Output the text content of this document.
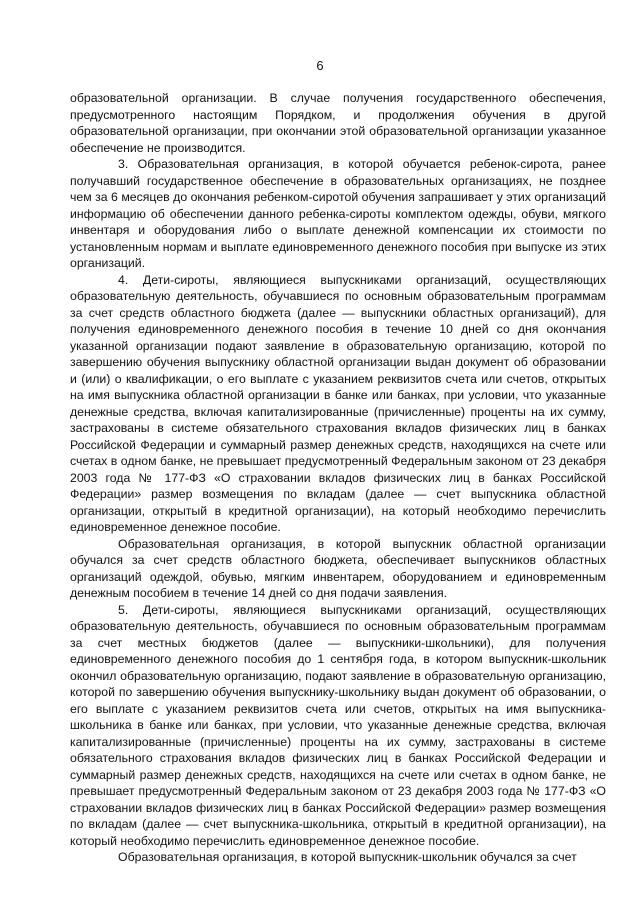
6

образовательной организации. В случае получения государственного обеспечения, предусмотренного настоящим Порядком, и продолжения обучения в другой образовательной организации, при окончании этой образовательной организации указанное обеспечение не производится.

3. Образовательная организация, в которой обучается ребенок-сирота, ранее получавший государственное обеспечение в образовательных организациях, не позднее чем за 6 месяцев до окончания ребенком-сиротой обучения запрашивает у этих организаций информацию об обеспечении данного ребенка-сироты комплектом одежды, обуви, мягкого инвентаря и оборудования либо о выплате денежной компенсации их стоимости по установленным нормам и выплате единовременного денежного пособия при выпуске из этих организаций.

4. Дети-сироты, являющиеся выпускниками организаций, осуществляющих образовательную деятельность, обучавшиеся по основным образовательным программам за счет средств областного бюджета (далее — выпускники областных организаций), для получения единовременного денежного пособия в течение 10 дней со дня окончания указанной организации подают заявление в образовательную организацию, которой по завершению обучения выпускнику областной организации выдан документ об образовании и (или) о квалификации, о его выплате с указанием реквизитов счета или счетов, открытых на имя выпускника областной организации в банке или банках, при условии, что указанные денежные средства, включая капитализированные (причисленные) проценты на их сумму, застрахованы в системе обязательного страхования вкладов физических лиц в банках Российской Федерации и суммарный размер денежных средств, находящихся на счете или счетах в одном банке, не превышает предусмотренный Федеральным законом от 23 декабря 2003 года № 177-ФЗ «О страховании вкладов физических лиц в банках Российской Федерации» размер возмещения по вкладам (далее — счет выпускника областной организации, открытый в кредитной организации), на который необходимо перечислить единовременное денежное пособие.

Образовательная организация, в которой выпускник областной организации обучался за счет средств областного бюджета, обеспечивает выпускников областных организаций одеждой, обувью, мягким инвентарем, оборудованием и единовременным денежным пособием в течение 14 дней со дня подачи заявления.

5. Дети-сироты, являющиеся выпускниками организаций, осуществляющих образовательную деятельность, обучавшиеся по основным образовательным программам за счет местных бюджетов (далее — выпускники-школьники), для получения единовременного денежного пособия до 1 сентября года, в котором выпускник-школьник окончил образовательную организацию, подают заявление в образовательную организацию, которой по завершению обучения выпускнику-школьнику выдан документ об образовании, о его выплате с указанием реквизитов счета или счетов, открытых на имя выпускника-школьника в банке или банках, при условии, что указанные денежные средства, включая капитализированные (причисленные) проценты на их сумму, застрахованы в системе обязательного страхования вкладов физических лиц в банках Российской Федерации и суммарный размер денежных средств, находящихся на счете или счетах в одном банке, не превышает предусмотренный Федеральным законом от 23 декабря 2003 года № 177-ФЗ «О страховании вкладов физических лиц в банках Российской Федерации» размер возмещения по вкладам (далее — счет выпускника-школьника, открытый в кредитной организации), на который необходимо перечислить единовременное денежное пособие.

Образовательная организация, в которой выпускник-школьник обучался за счет
